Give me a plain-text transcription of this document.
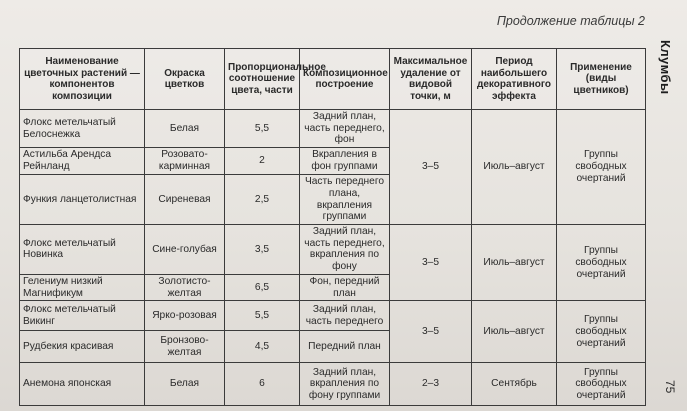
Продолжение таблицы 2
Клумбы
75
Наименование цветочных растений — компонентов композиции	Окраска цветков	Пропорциональное соотношение цвета, части	Композиционное построение	Максимальное удаление от видовой точки, м	Период наибольшего декоративного эффекта	Применение (виды цветников)
Флокс метельчатый Белоснежка	Белая	5,5	Задний план, часть переднего, фон	3–5	Июль–август	Группы свободных очертаний
Астильба Арендса Рейнланд	Розовато-карминная	2	Вкрапления в фон группами			
Функия ланцетолистная	Сиреневая	2,5	Часть переднего плана, вкрапления группами			
Флокс метельчатый Новинка	Сине-голубая	3,5	Задний план, часть переднего, вкрапления по фону	3–5	Июль–август	Группы свободных очертаний
Гелениум низкий Магнификум	Золотисто-желтая	6,5	Фон, передний план			
Флокс метельчатый Викинг	Ярко-розовая	5,5	Задний план, часть переднего	3–5	Июль–август	Группы свободных очертаний
Рудбекия красивая	Бронзово-желтая	4,5	Передний план			
Анемона японская	Белая	6	Задний план, вкрапления по фону группами	2–3	Сентябрь	Группы свободных очертаний
